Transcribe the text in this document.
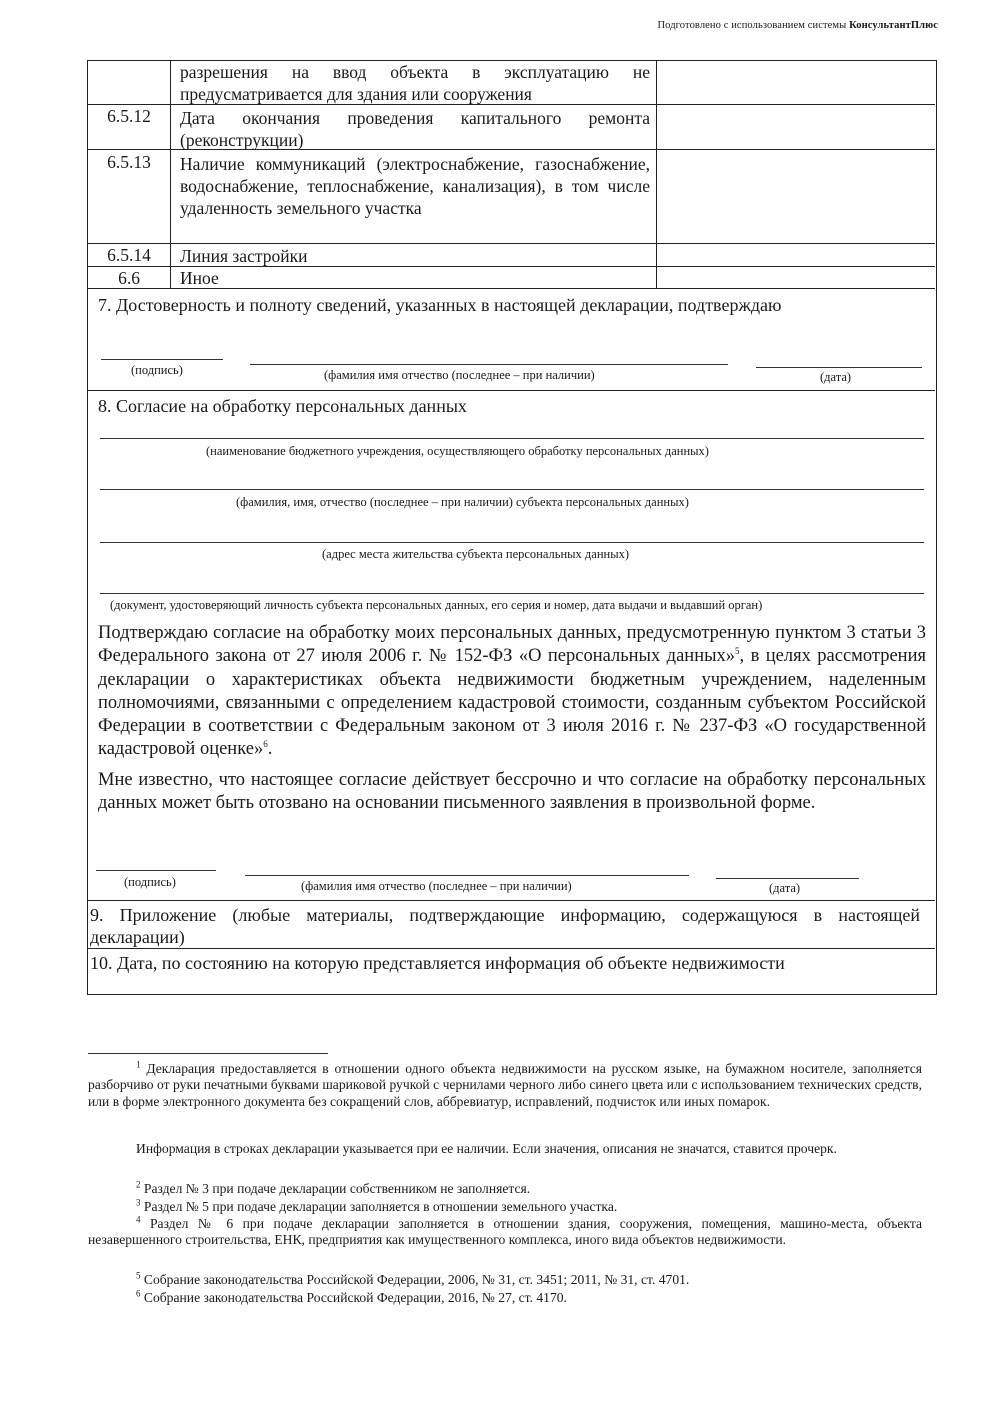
Подготовлено с использованием системы КонсультантПлюс
разрешения на ввод объекта в эксплуатацию не предусматривается для здания или сооружения
6.5.12	Дата окончания проведения капитального ремонта (реконструкции)
6.5.13	Наличие коммуникаций (электроснабжение, газоснабжение, водоснабжение, теплоснабжение, канализация), в том числе удаленность земельного участка
6.5.14	Линия застройки
6.6	Иное
7. Достоверность и полноту сведений, указанных в настоящей декларации, подтверждаю
(подпись)	(фамилия имя отчество (последнее – при наличии)	(дата)
8. Согласие на обработку персональных данных
(наименование бюджетного учреждения, осуществляющего обработку персональных данных)
(фамилия, имя, отчество (последнее – при наличии) субъекта персональных данных)
(адрес места жительства субъекта персональных данных)
(документ, удостоверяющий личность субъекта персональных данных, его серия и номер, дата выдачи и выдавший орган)
Подтверждаю согласие на обработку моих персональных данных, предусмотренную пунктом 3 статьи 3 Федерального закона от 27 июля 2006 г. № 152-ФЗ «О персональных данных»$^5$, в целях рассмотрения декларации о характеристиках объекта недвижимости бюджетным учреждением, наделенным полномочиями, связанными с определением кадастровой стоимости, созданным субъектом Российской Федерации в соответствии с Федеральным законом от 3 июля 2016 г. № 237-ФЗ «О государственной кадастровой оценке»$^6$.
Мне известно, что настоящее согласие действует бессрочно и что согласие на обработку персональных данных может быть отозвано на основании письменного заявления в произвольной форме.
(подпись)	(фамилия имя отчество (последнее – при наличии)	(дата)
9. Приложение (любые материалы, подтверждающие информацию, содержащуюся в настоящей декларации)
10. Дата, по состоянию на которую представляется информация об объекте недвижимости
$^1$ Декларация предоставляется в отношении одного объекта недвижимости на русском языке, на бумажном носителе, заполняется разборчиво от руки печатными буквами шариковой ручкой с чернилами черного либо синего цвета или с использованием технических средств, или в форме электронного документа без сокращений слов, аббревиатур, исправлений, подчисток или иных помарок.
Информация в строках декларации указывается при ее наличии. Если значения, описания не значатся, ставится прочерк.
$^2$ Раздел № 3 при подаче декларации собственником не заполняется.
$^3$ Раздел № 5 при подаче декларации заполняется в отношении земельного участка.
$^4$ Раздел № 6 при подаче декларации заполняется в отношении здания, сооружения, помещения, машино-места, объекта незавершенного строительства, ЕНК, предприятия как имущественного комплекса, иного вида объектов недвижимости.
$^5$ Собрание законодательства Российской Федерации, 2006, № 31, ст. 3451; 2011, № 31, ст. 4701.
$^6$ Собрание законодательства Российской Федерации, 2016, № 27, ст. 4170.
